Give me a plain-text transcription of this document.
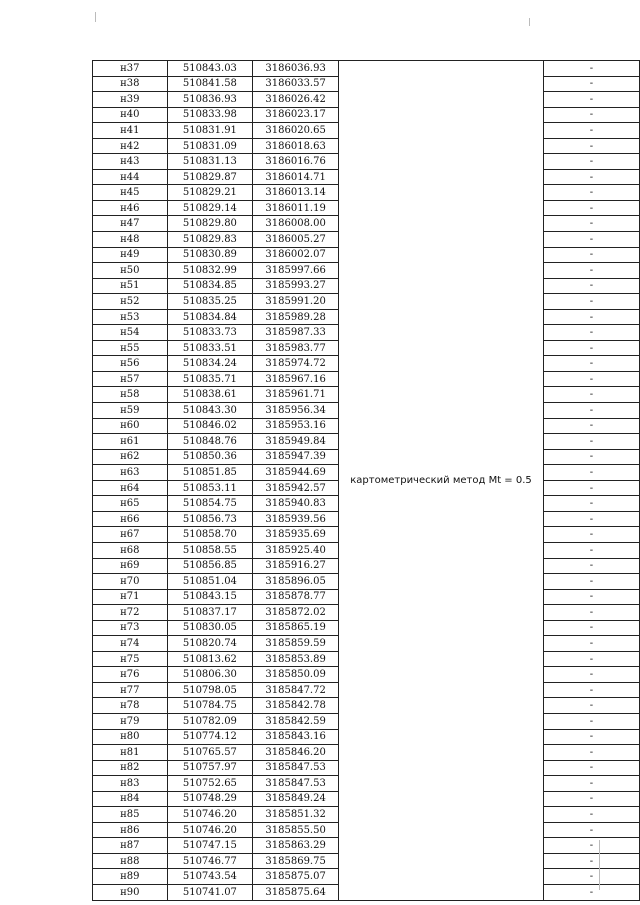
н37	510843.03	3186036.93	картометрический метод Mt = 0.5	-
н38	510841.58	3186033.57		-
н39	510836.93	3186026.42		-
н40	510833.98	3186023.17		-
н41	510831.91	3186020.65		-
н42	510831.09	3186018.63		-
н43	510831.13	3186016.76		-
н44	510829.87	3186014.71		-
н45	510829.21	3186013.14		-
н46	510829.14	3186011.19		-
н47	510829.80	3186008.00		-
н48	510829.83	3186005.27		-
н49	510830.89	3186002.07		-
н50	510832.99	3185997.66		-
н51	510834.85	3185993.27		-
н52	510835.25	3185991.20		-
н53	510834.84	3185989.28		-
н54	510833.73	3185987.33		-
н55	510833.51	3185983.77		-
н56	510834.24	3185974.72		-
н57	510835.71	3185967.16		-
н58	510838.61	3185961.71		-
н59	510843.30	3185956.34		-
н60	510846.02	3185953.16		-
н61	510848.76	3185949.84		-
н62	510850.36	3185947.39		-
н63	510851.85	3185944.69		-
н64	510853.11	3185942.57		-
н65	510854.75	3185940.83		-
н66	510856.73	3185939.56		-
н67	510858.70	3185935.69		-
н68	510858.55	3185925.40		-
н69	510856.85	3185916.27		-
н70	510851.04	3185896.05		-
н71	510843.15	3185878.77		-
н72	510837.17	3185872.02		-
н73	510830.05	3185865.19		-
н74	510820.74	3185859.59		-
н75	510813.62	3185853.89		-
н76	510806.30	3185850.09		-
н77	510798.05	3185847.72		-
н78	510784.75	3185842.78		-
н79	510782.09	3185842.59		-
н80	510774.12	3185843.16		-
н81	510765.57	3185846.20		-
н82	510757.97	3185847.53		-
н83	510752.65	3185847.53		-
н84	510748.29	3185849.24		-
н85	510746.20	3185851.32		-
н86	510746.20	3185855.50		-
н87	510747.15	3185863.29		-
н88	510746.77	3185869.75		-
н89	510743.54	3185875.07		-
н90	510741.07	3185875.64		-
